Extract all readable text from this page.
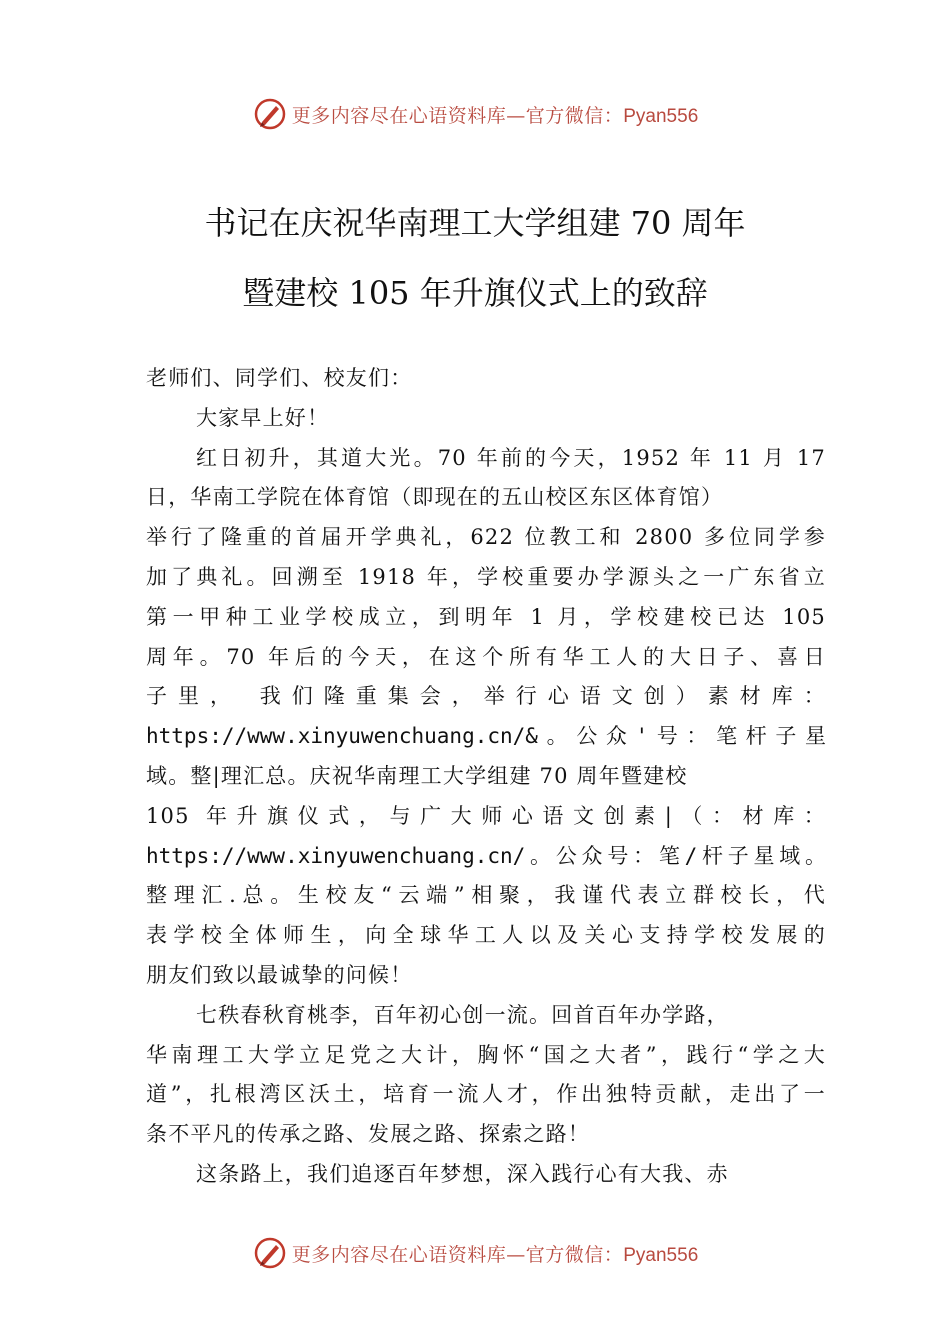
更多内容尽在心语资料库—官方微信：Pyan556
书记在庆祝华南理工大学组建 70 周年
暨建校 105 年升旗仪式上的致辞
老师们、同学们、校友们：
大家早上好！
红日初升，其道大光。70 年前的今天，1952 年 11 月 17
日，华南工学院在体育馆（即现在的五山校区东区体育馆）
举行了隆重的首届开学典礼，622 位教工和 2800 多位同学参
加了典礼。回溯至 1918 年，学校重要办学源头之一广东省立
第一甲种工业学校成立，到明年 1 月，学校建校已达 105
周年。70 年后的今天，在这个所有华工人的大日子、喜日
子里， 我们隆重集会，举行心语文创）素材库：
https://www.xinyuwenchuang.cn/&。公众'号：笔杆子星
域。整|理汇总。庆祝华南理工大学组建 70 周年暨建校
105 年升旗仪式，与广大师心语文创素|（：材库：
https://www.xinyuwenchuang.cn/。公众号：笔/杆子星域。
整理汇.总。生校友“云端”相聚，我谨代表立群校长，代
表学校全体师生，向全球华工人以及关心支持学校发展的
朋友们致以最诚挚的问候！
七秩春秋育桃李，百年初心创一流。回首百年办学路，
华南理工大学立足党之大计，胸怀“国之大者”，践行“学之大
道”，扎根湾区沃土，培育一流人才，作出独特贡献，走出了一
条不平凡的传承之路、发展之路、探索之路！
这条路上，我们追逐百年梦想，深入践行心有大我、赤
更多内容尽在心语资料库—官方微信：Pyan556
